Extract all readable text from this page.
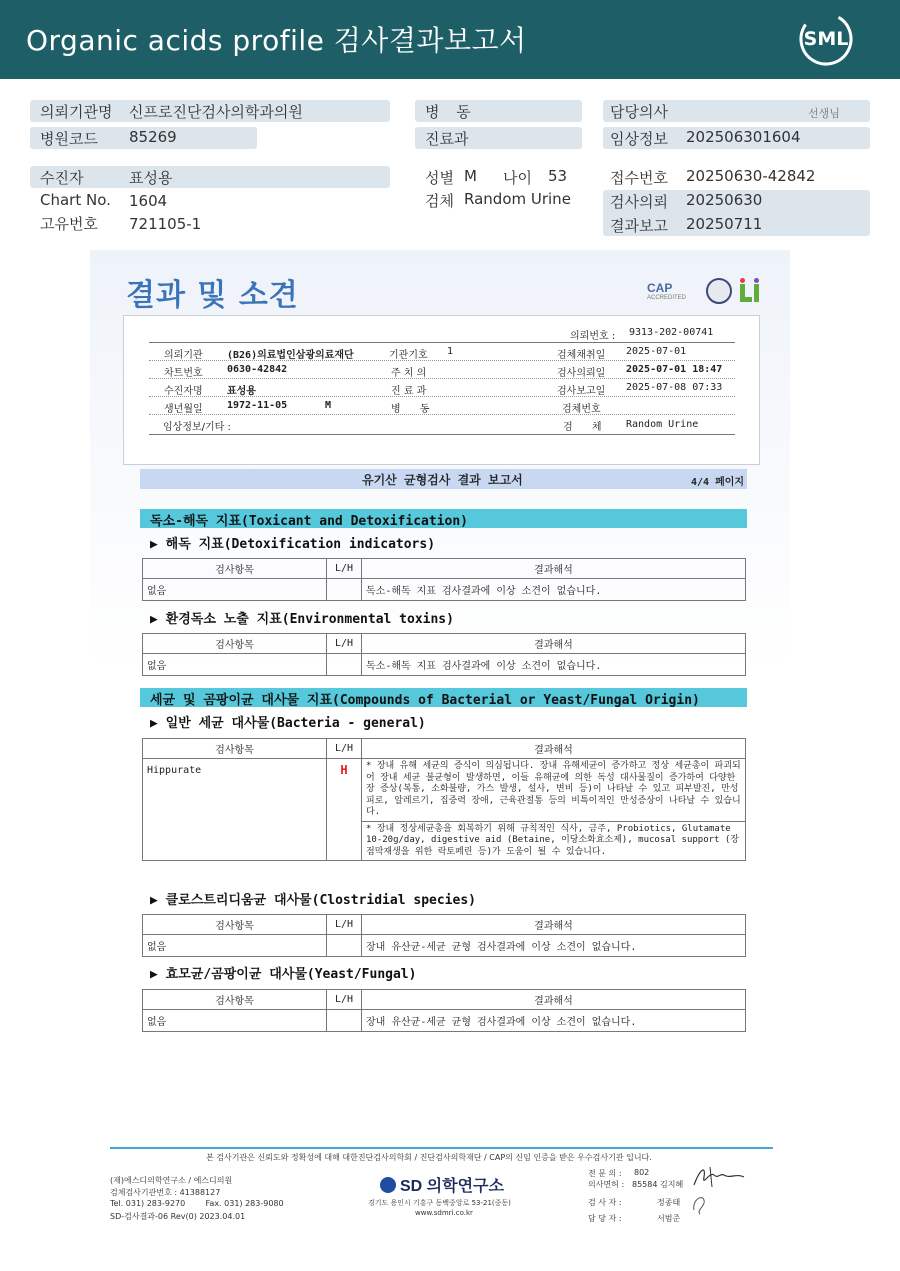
Organic acids profile 검사결과보고서	SML
의뢰기관명 신프로진단검사의학과의원
병원코드 85269
병 동
진료과
담당의사	선생님
임상정보 202506301604
수진자	표성용
Chart No. 1604
고유번호 721105-1
성별 M 나이 53
검체 Random Urine
접수번호 20250630-42842
검사의뢰 20250630
결과보고 20250711
결과 및 소견	CAP
ACCREDITED
의뢰번호 : 9313-202-00741
의뢰기관 (B26)의료법인삼광의료재단	기관기호 1	검체채취일 2025-07-01
차트번호 0630-42842	주 치 의	검사의뢰일 2025-07-01 18:47
수진자명 표성용	진 료 과	검사보고일 2025-07-08 07:33
생년월일 1972-11-05	M	병 동	검체번호
임상정보/기타 :	검 체 Random Urine
유기산 균형검사 결과 보고서	4/4 페이지
독소-해독 지표(Toxicant and Detoxification)
▶ 해독 지표(Detoxification indicators)
검사항목	L/H	결과해석
없음		독소-해독 지표 검사결과에 이상 소견이 없습니다.
▶ 환경독소 노출 지표(Environmental toxins)
검사항목	L/H	결과해석
없음		독소-해독 지표 검사결과에 이상 소견이 없습니다.
세균 및 곰팡이균 대사물 지표(Compounds of Bacterial or Yeast/Fungal Origin)
▶ 일반 세균 대사물(Bacteria - general)
검사항목	L/H	결과해석
Hippurate	H	* 장내 유해 세균의 증식이 의심됩니다. 장내 유해세균이 증가하고 정상 세균총이 파괴되어 장내 세균 불균형이 발생하면, 이들 유해균에 의한 독성 대사물질이 증가하여 다양한 장 증상(복통, 소화불량, 가스 발생, 설사, 변비 등)이 나타날 수 있고 피부발진, 만성피로, 알레르기, 집중력 장애, 근육관절통 등의 비특이적인 만성증상이 나타날 수 있습니다.
		* 장내 정상세균총을 회복하기 위해 규칙적인 식사, 금주, Probiotics, Glutamate 10-20g/day, digestive aid (Betaine, 이당소화효소제), mucosal support (장점막재생을 위한 락토페린 등)가 도움이 될 수 있습니다.
▶ 클로스트리디움균 대사물(Clostridial species)
검사항목	L/H	결과해석
없음		장내 유산균-세균 균형 검사결과에 이상 소견이 없습니다.
▶ 효모균/곰팡이균 대사물(Yeast/Fungal)
검사항목	L/H	결과해석
없음		장내 유산균-세균 균형 검사결과에 이상 소견이 없습니다.
본 검사기관은 신뢰도와 정확성에 대해 대한진단검사의학회 / 진단검사의학재단 / CAP의 신임 인증을 받은 우수검사기관 입니다.
(재)에스디의학연구소 / 에스디의원
검체검사기관번호 : 41388127
Tel. 031) 283-9270        Fax. 031) 283-9080
SD-검사결과-06 Rev(0) 2023.04.01
SD 의학연구소
경기도 용인시 기흥구 동백중앙로 53-21(중동)
www.sdmri.co.kr
전 문 의 : 802
의사면허 : 85584 김지혜
검 사 자 :	정종태
담 당 자 :	서범준
